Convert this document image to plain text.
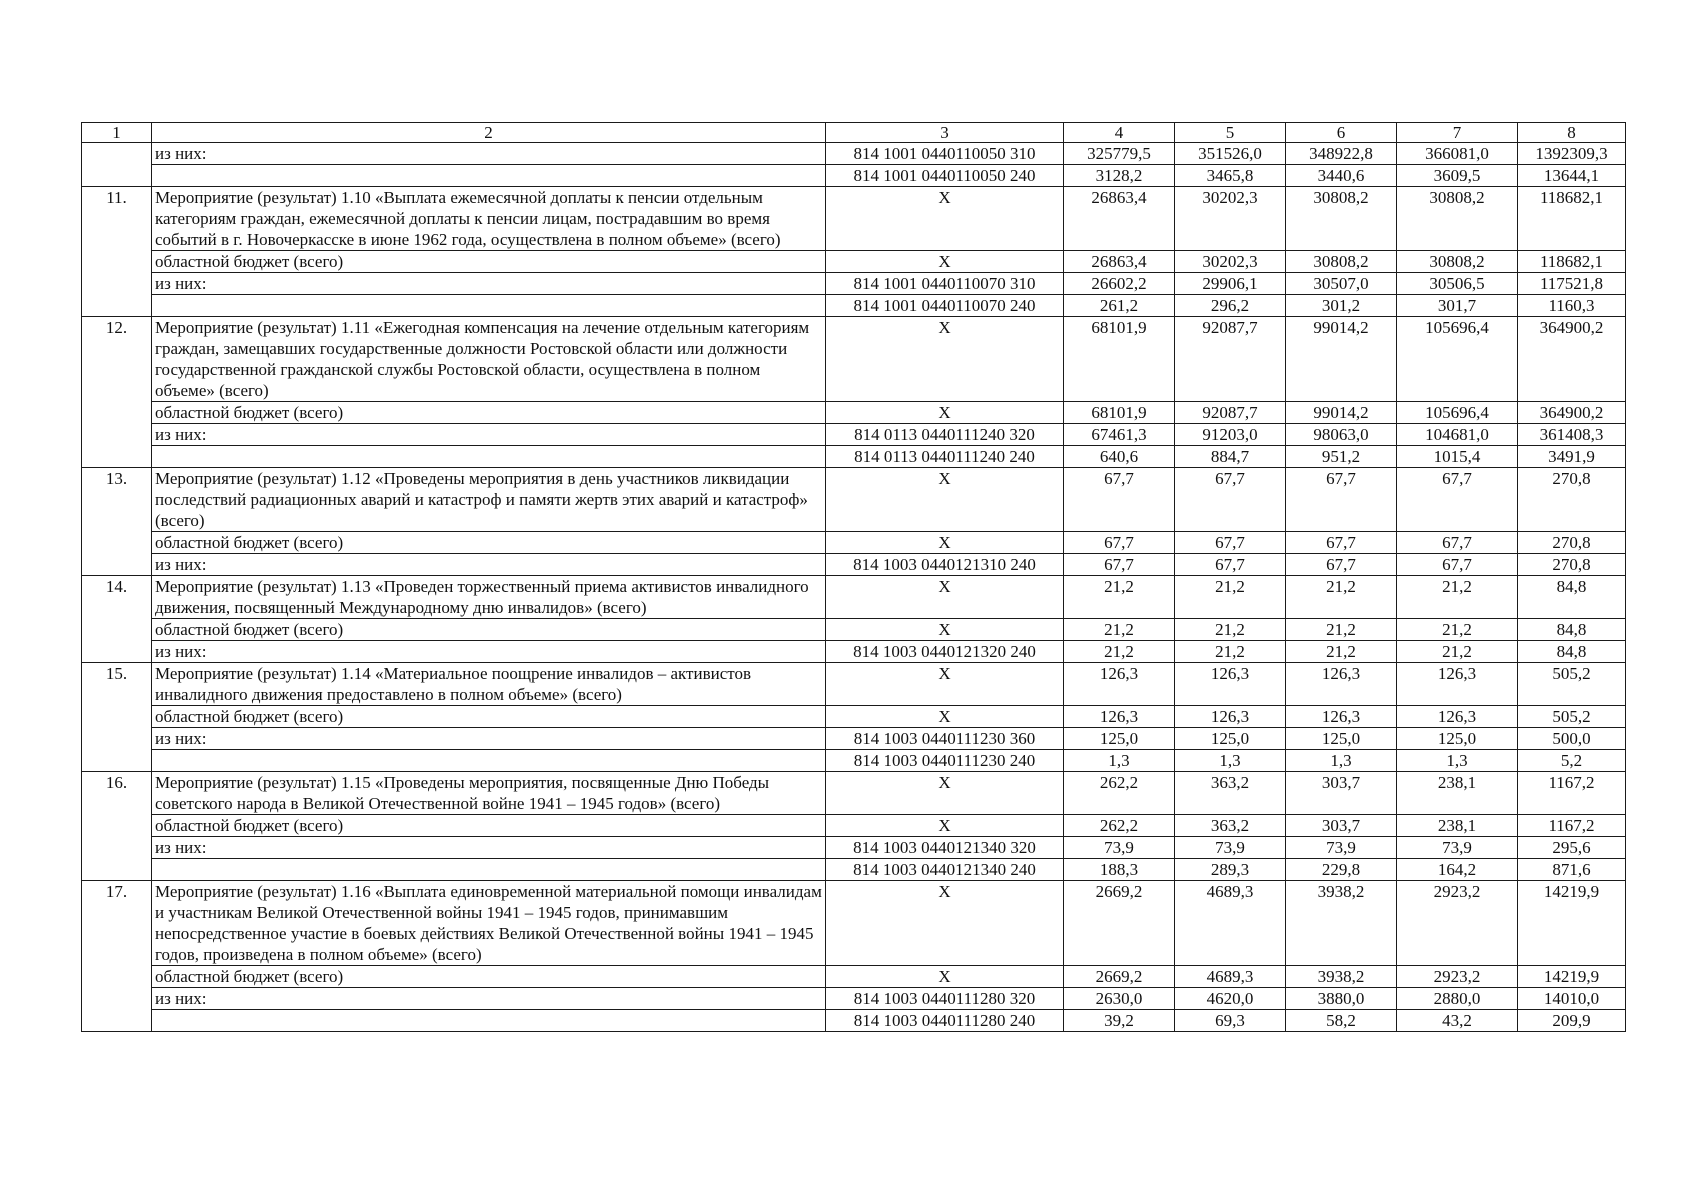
1	2	3	4	5	6	7	8
	из них:	814 1001 0440110050 310	325779,5	351526,0	348922,8	366081,0	1392309,3
		814 1001 0440110050 240	3128,2	3465,8	3440,6	3609,5	13644,1
11.	Мероприятие (результат) 1.10 «Выплата ежемесячной доплаты к пенсии отдельным категориям граждан, ежемесячной доплаты к пенсии лицам, пострадавшим во время событий в г. Новочеркасске в июне 1962 года, осуществлена в полном объеме» (всего)	X	26863,4	30202,3	30808,2	30808,2	118682,1
	областной бюджет (всего)	X	26863,4	30202,3	30808,2	30808,2	118682,1
	из них:	814 1001 0440110070 310	26602,2	29906,1	30507,0	30506,5	117521,8
		814 1001 0440110070 240	261,2	296,2	301,2	301,7	1160,3
12.	Мероприятие (результат) 1.11 «Ежегодная компенсация на лечение отдельным категориям граждан, замещавших государственные должности Ростовской области или должности государственной гражданской службы Ростовской области, осуществлена в полном объеме» (всего)	X	68101,9	92087,7	99014,2	105696,4	364900,2
	областной бюджет (всего)	X	68101,9	92087,7	99014,2	105696,4	364900,2
	из них:	814 0113 0440111240 320	67461,3	91203,0	98063,0	104681,0	361408,3
		814 0113 0440111240 240	640,6	884,7	951,2	1015,4	3491,9
13.	Мероприятие (результат) 1.12 «Проведены мероприятия в день участников ликвидации последствий радиационных аварий и катастроф и памяти жертв этих аварий и катастроф» (всего)	X	67,7	67,7	67,7	67,7	270,8
	областной бюджет (всего)	X	67,7	67,7	67,7	67,7	270,8
	из них:	814 1003 0440121310 240	67,7	67,7	67,7	67,7	270,8
14.	Мероприятие (результат) 1.13 «Проведен торжественный приема активистов инвалидного движения, посвященный Международному дню инвалидов» (всего)	X	21,2	21,2	21,2	21,2	84,8
	областной бюджет (всего)	X	21,2	21,2	21,2	21,2	84,8
	из них:	814 1003 0440121320 240	21,2	21,2	21,2	21,2	84,8
15.	Мероприятие (результат) 1.14 «Материальное поощрение инвалидов – активистов инвалидного движения предоставлено в полном объеме» (всего)	X	126,3	126,3	126,3	126,3	505,2
	областной бюджет (всего)	X	126,3	126,3	126,3	126,3	505,2
	из них:	814 1003 0440111230 360	125,0	125,0	125,0	125,0	500,0
		814 1003 0440111230 240	1,3	1,3	1,3	1,3	5,2
16.	Мероприятие (результат) 1.15 «Проведены мероприятия, посвященные Дню Победы советского народа в Великой Отечественной войне 1941 – 1945 годов» (всего)	X	262,2	363,2	303,7	238,1	1167,2
	областной бюджет (всего)	X	262,2	363,2	303,7	238,1	1167,2
	из них:	814 1003 0440121340 320	73,9	73,9	73,9	73,9	295,6
		814 1003 0440121340 240	188,3	289,3	229,8	164,2	871,6
17.	Мероприятие (результат) 1.16 «Выплата единовременной материальной помощи инвалидам и участникам Великой Отечественной войны 1941 – 1945 годов, принимавшим непосредственное участие в боевых действиях Великой Отечественной войны 1941 – 1945 годов, произведена в полном объеме» (всего)	X	2669,2	4689,3	3938,2	2923,2	14219,9
	областной бюджет (всего)	X	2669,2	4689,3	3938,2	2923,2	14219,9
	из них:	814 1003 0440111280 320	2630,0	4620,0	3880,0	2880,0	14010,0
		814 1003 0440111280 240	39,2	69,3	58,2	43,2	209,9
